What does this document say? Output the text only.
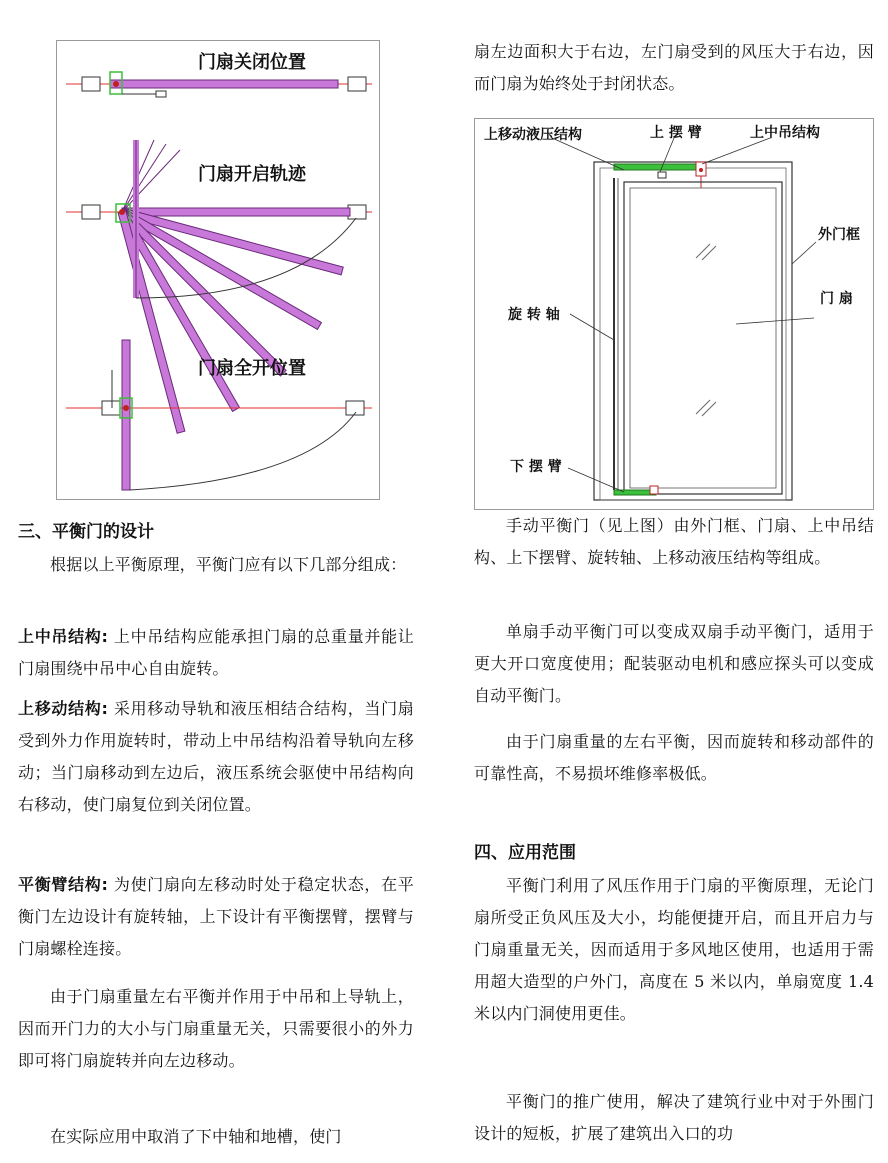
门扇关闭位置
门扇开启轨迹
门扇全开位置
三、平衡门的设计

根据以上平衡原理，平衡门应有以下几部分组成：

上中吊结构: 上中吊结构应能承担门扇的总重量并能让门扇围绕中吊中心自由旋转。

上移动结构: 采用移动导轨和液压相结合结构，当门扇受到外力作用旋转时，带动上中吊结构沿着导轨向左移动；当门扇移动到左边后，液压系统会驱使中吊结构向右移动，使门扇复位到关闭位置。

平衡臂结构: 为使门扇向左移动时处于稳定状态，在平衡门左边设计有旋转轴，上下设计有平衡摆臂，摆臂与门扇螺栓连接。

由于门扇重量左右平衡并作用于中吊和上导轨上，因而开门力的大小与门扇重量无关，只需要很小的外力即可将门扇旋转并向左边移动。

在实际应用中取消了下中轴和地槽，使门

扇左边面积大于右边，左门扇受到的风压大于右边，因而门扇为始终处于封闭状态。

上移动液压结构	上 摆 臂	上中吊结构
外门框
门 扇
旋 转 轴
下 摆 臂

手动平衡门（见上图）由外门框、门扇、上中吊结构、上下摆臂、旋转轴、上移动液压结构等组成。

单扇手动平衡门可以变成双扇手动平衡门，适用于更大开口宽度使用；配装驱动电机和感应探头可以变成自动平衡门。

由于门扇重量的左右平衡，因而旋转和移动部件的可靠性高，不易损坏维修率极低。

四、应用范围

平衡门利用了风压作用于门扇的平衡原理，无论门扇所受正负风压及大小，均能便捷开启，而且开启力与门扇重量无关，因而适用于多风地区使用，也适用于需用超大造型的户外门，高度在 5 米以内，单扇宽度 1.4 米以内门洞使用更佳。

平衡门的推广使用，解决了建筑行业中对于外围门设计的短板，扩展了建筑出入口的功
